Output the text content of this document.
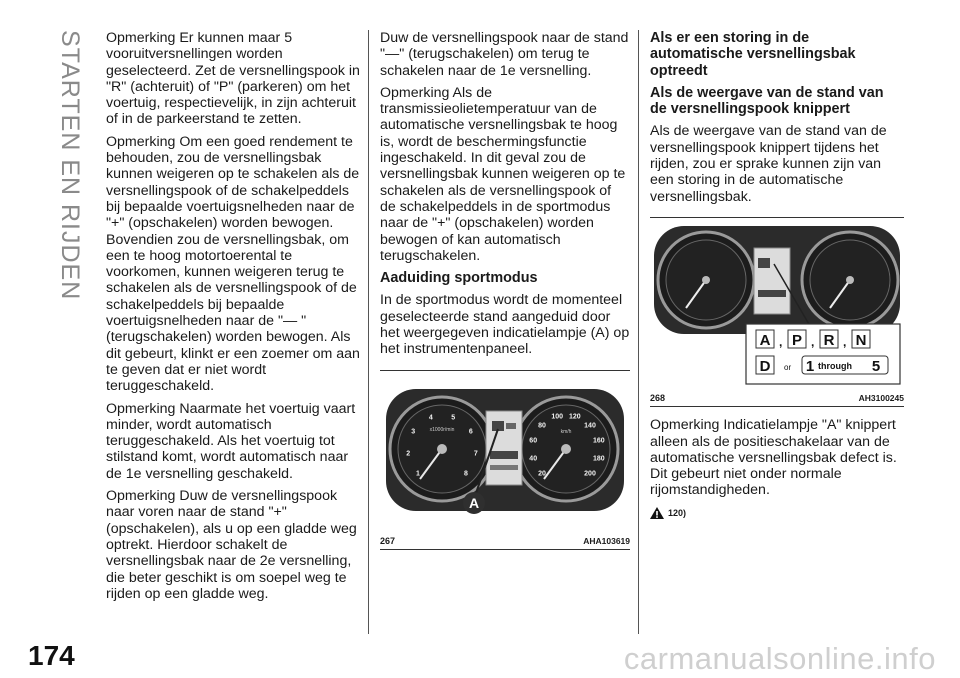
STARTEN EN RIJDEN Opmerking Er kunnen maar 5 vooruitversnellingen worden geselecteerd. Zet de versnellingspook in "R" (achteruit) of "P" (parkeren) om het voertuig, respectievelijk, in zijn achteruit of in de parkeerstand te zetten.

Opmerking Om een goed rendement te behouden, zou de versnellingsbak kunnen weigeren op te schakelen als de versnellingspook of de schakelpeddels bij bepaalde voertuigsnelheden naar de "+" (opschakelen) worden bewogen. Bovendien zou de versnellingsbak, om een te hoog motortoerental te voorkomen, kunnen weigeren terug te schakelen als de versnellingspook of de schakelpeddels bij bepaalde voertuigsnelheden naar de "— " (terugschakelen) worden bewogen. Als dit gebeurt, klinkt er een zoemer om aan te geven dat er niet wordt teruggeschakeld.

Opmerking Naarmate het voertuig vaart minder, wordt automatisch teruggeschakeld. Als het voertuig tot stilstand komt, wordt automatisch naar de 1e versnelling geschakeld.

Opmerking Duw de versnellingspook naar voren naar de stand "+" (opschakelen), als u op een gladde weg optrekt. Hierdoor schakelt de versnellingsbak naar de 2e versnelling, die beter geschikt is om soepel weg te rijden op een gladde weg.

Duw de versnellingspook naar de stand "—" (terugschakelen) om terug te schakelen naar de 1e versnelling.

Opmerking Als de transmissieolietemperatuur van de automatische versnellingsbak te hoog is, wordt de beschermingsfunctie ingeschakeld. In dit geval zou de versnellingsbak kunnen weigeren op te schakelen als de versnellingspook of de schakelpeddels in de sportmodus naar de "+" (opschakelen) worden bewogen of kan automatisch terugschakelen.

Aaduiding sportmodus

In de sportmodus wordt de momenteel geselecteerde stand aangeduid door het weergegeven indicatielampje (A) op het instrumentenpaneel.

x1000r/min	km/h
A
1
2
3
4	5
6
7
8	20
40
60
80
100 120
140
160
180
200
267	AHA103619
Als er een storing in de automatische versnellingsbak optreedt
Als de weergave van de stand van de versnellingspook knippert

Als de weergave van de stand van de versnellingspook knippert tijdens het rijden, zou er sprake kunnen zijn van een storing in de automatische versnellingsbak.

A , P , R , N
D or 1 through 5
268	AH3100245

Opmerking Indicatielampje "A" knippert alleen als de positieschakelaar van de automatische versnellingsbak defect is. Dit gebeurt niet onder normale rijomstandigheden.

120)
174	carmanualsonline.info
